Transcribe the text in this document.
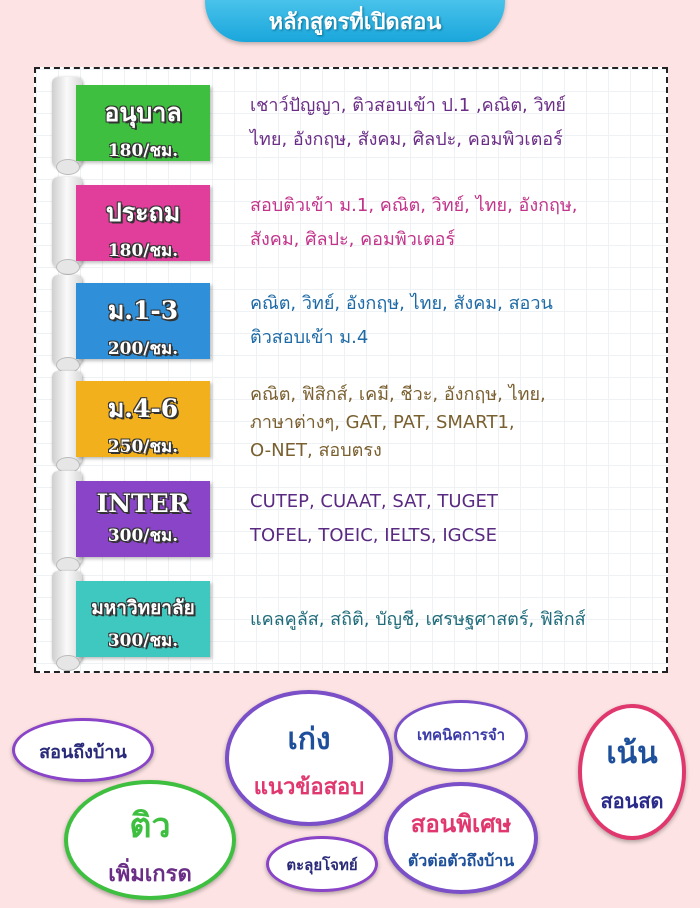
หลักสูตรที่เปิดสอน
อนุบาล
180/ชม.
เชาว์ปัญญา, ติวสอบเข้า ป.1 ,คณิต, วิทย์
ไทย, อังกฤษ, สังคม, ศิลปะ, คอมพิวเตอร์
ประถม
180/ชม.
สอบติวเข้า ม.1, คณิต, วิทย์, ไทย, อังกฤษ,
สังคม, ศิลปะ, คอมพิวเตอร์
ม.1-3
200/ชม.
คณิต, วิทย์, อังกฤษ, ไทย, สังคม, สอวน
ติวสอบเข้า ม.4
ม.4-6
250/ชม.
คณิต, ฟิสิกส์, เคมี, ชีวะ, อังกฤษ, ไทย,
ภาษาต่างๆ, GAT, PAT, SMART1,
O-NET, สอบตรง
INTER
300/ชม.
CUTEP, CUAAT, SAT, TUGET
TOFEL, TOEIC, IELTS, IGCSE
มหาวิทยาลัย
300/ชม.
แคลคูลัส, สถิติ, บัญชี, เศรษฐศาสตร์, ฟิสิกส์
สอนถึงบ้าน	เก่ง
แนวข้อสอบ
เทคนิคการจำ
เน้น
สอนสด
ติว
เพิ่มเกรด	ตะลุยโจทย์
สอนพิเศษ
ตัวต่อตัวถึงบ้าน
